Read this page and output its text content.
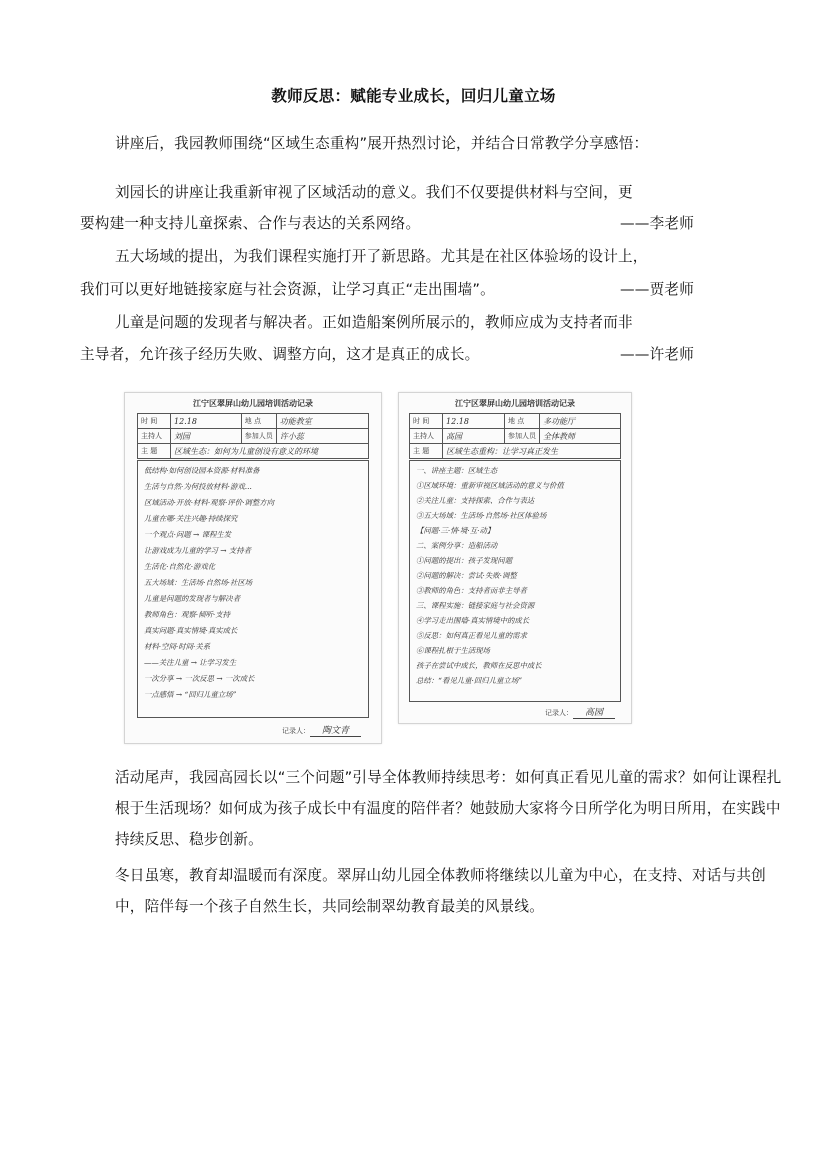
教师反思：赋能专业成长，回归儿童立场
讲座后，我园教师围绕“区域生态重构”展开热烈讨论，并结合日常教学分享感悟：
刘园长的讲座让我重新审视了区域活动的意义。我们不仅要提供材料与空间，更
要构建一种支持儿童探索、合作与表达的关系网络。	——李老师
五大场域的提出，为我们课程实施打开了新思路。尤其是在社区体验场的设计上，
我们可以更好地链接家庭与社会资源，让学习真正“走出围墙”。	——贾老师
儿童是问题的发现者与解决者。正如造船案例所展示的，教师应成为支持者而非
主导者，允许孩子经历失败、调整方向，这才是真正的成长。	——许老师
江宁区翠屏山幼儿园培训活动记录
时 间	12.18	地 点	功能教室
主持人	刘园	参加人员	许小蕊
主 题	区域生态：如何为儿童创设有意义的环境		
低结构·如何创设园本资源·材料准备
生活与自然·为何投放材料·游戏...
区域活动·开放·材料·观察·评价·调整方向
儿童在哪·关注兴趣·持续探究
一个观点·问题 → 课程生发
让游戏成为儿童的学习 → 支持者
生活化·自然化·游戏化
五大场域：生活场·自然场·社区场
儿童是问题的发现者与解决者
教师角色：观察·倾听·支持
真实问题·真实情境·真实成长
材料·空间·时间·关系
——关注儿童 → 让学习发生
一次分享 → 一次反思 → 一次成长
一点感悟 → “回归儿童立场”
记录人： 陶文青
江宁区翠屏山幼儿园培训活动记录
时 间	12.18	地 点	多功能厅
主持人	高园	参加人员	全体教师
主 题	区域生态重构：让学习真正发生		
一、讲座主题：区域生态
①区域环境：重新审视区域活动的意义与价值
②关注儿童：支持探索、合作与表达
③五大场域：生活场·自然场·社区体验场
【问题·三·情·境·互·动】
二、案例分享：造船活动
①问题的提出：孩子发现问题
②问题的解决：尝试·失败·调整
③教师的角色：支持者而非主导者
三、课程实施：链接家庭与社会资源
④学习走出围墙·真实情境中的成长
⑤反思：如何真正看见儿童的需求
⑥课程扎根于生活现场
孩子在尝试中成长，教师在反思中成长
总结：“看见儿童·回归儿童立场”
记录人： 高园
活动尾声，我园高园长以“三个问题”引导全体教师持续思考：如何真正看见儿童的需求？如何让课程扎根于生活现场？如何成为孩子成长中有温度的陪伴者？她鼓励大家将今日所学化为明日所用，在实践中持续反思、稳步创新。
冬日虽寒，教育却温暖而有深度。翠屏山幼儿园全体教师将继续以儿童为中心，在支持、对话与共创中，陪伴每一个孩子自然生长，共同绘制翠幼教育最美的风景线。
